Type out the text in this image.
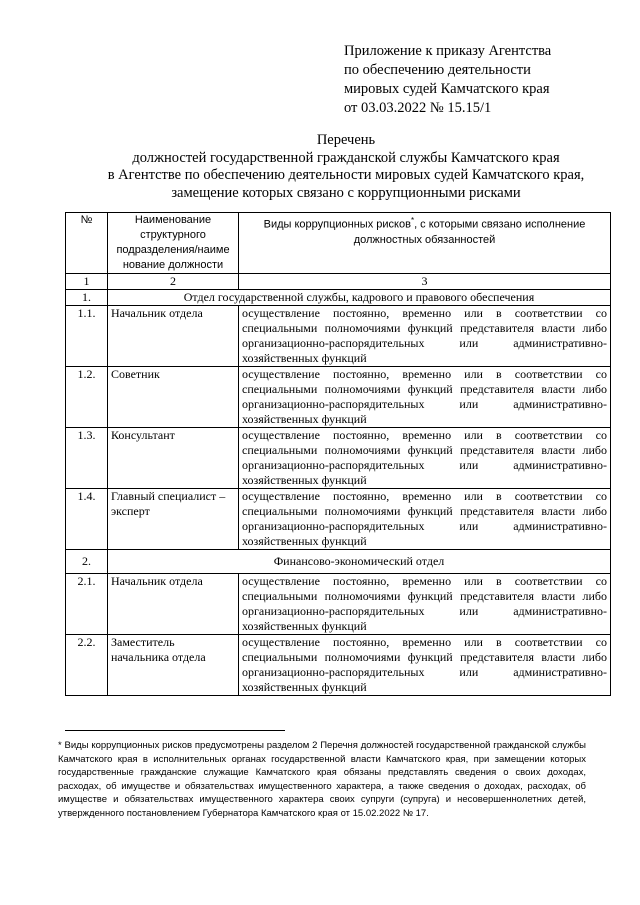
Приложение к приказу Агентства
по обеспечению деятельности
мировых судей Камчатского края
от 03.03.2022 № 15.15/1
Перечень
должностей государственной гражданской службы Камчатского края
в Агентстве по обеспечению деятельности мировых судей Камчатского края,
замещение которых связано с коррупционными рисками
№	Наименование структурного подразделения/наиме нование должности	Виды коррупционных рисков*, с которыми связано исполнение должностных обязанностей
1	2	3
1.	Отдел государственной службы, кадрового и правового обеспечения	
1.1.	Начальник отдела	осуществление постоянно, временно или в соответствии со специальными полномочиями функций представителя власти либо организационно-распорядительных или административно-хозяйственных функций
1.2.	Советник	осуществление постоянно, временно или в соответствии со специальными полномочиями функций представителя власти либо организационно-распорядительных или административно-хозяйственных функций
1.3.	Консультант	осуществление постоянно, временно или в соответствии со специальными полномочиями функций представителя власти либо организационно-распорядительных или административно-хозяйственных функций
1.4.	Главный специалист – эксперт	осуществление постоянно, временно или в соответствии со специальными полномочиями функций представителя власти либо организационно-распорядительных или административно-хозяйственных функций
2.	Финансово-экономический отдел	
2.1.	Начальник отдела	осуществление постоянно, временно или в соответствии со специальными полномочиями функций представителя власти либо организационно-распорядительных или административно-хозяйственных функций
2.2.	Заместитель начальника отдела	осуществление постоянно, временно или в соответствии со специальными полномочиями функций представителя власти либо организационно-распорядительных или административно-хозяйственных функций
* Виды коррупционных рисков предусмотрены разделом 2 Перечня должностей государственной гражданской службы Камчатского края в исполнительных органах государственной власти Камчатского края, при замещении которых государственные гражданские служащие Камчатского края обязаны представлять сведения о своих доходах, расходах, об имуществе и обязательствах имущественного характера, а также сведения о доходах, расходах, об имуществе и обязательствах имущественного характера своих супруги (супруга) и несовершеннолетних детей, утвержденного постановлением Губернатора Камчатского края от 15.02.2022 № 17.
